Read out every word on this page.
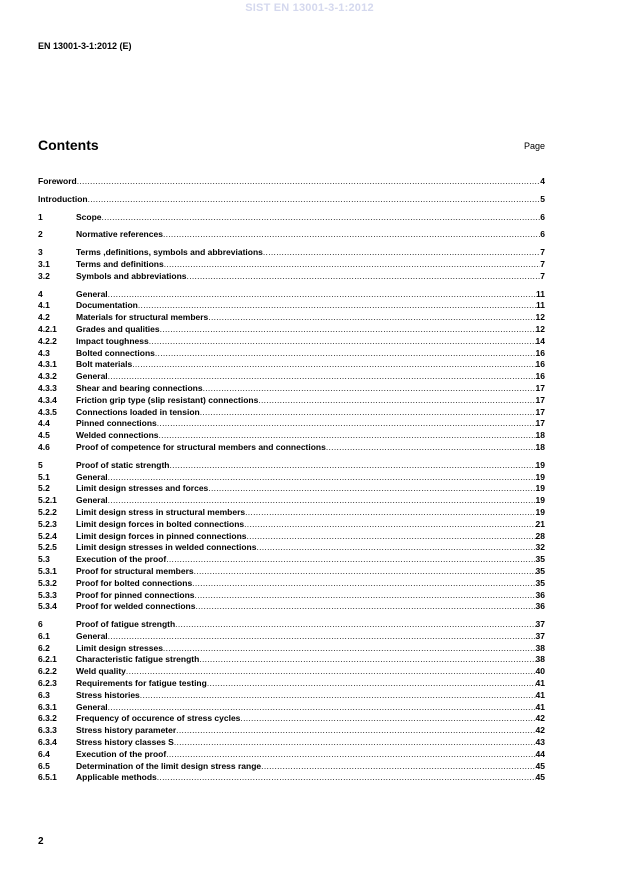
SIST EN 13001-3-1:2012
EN 13001-3-1:2012 (E)
Contents	Page
Foreword .....	4
Introduction .....	5
1	Scope .....	6
2	Normative references .....	6
3	Terms ,definitions, symbols and abbreviations .....	7
3.1	Terms and definitions .....	7
3.2	Symbols and abbreviations .....	7
4	General .....	11
4.1	Documentation .....	11
4.2	Materials for structural members .....	12
4.2.1	Grades and qualities .....	12
4.2.2	Impact toughness .....	14
4.3	Bolted connections .....	16
4.3.1	Bolt materials .....	16
4.3.2	General .....	16
4.3.3	Shear and bearing connections .....	17
4.3.4	Friction grip type (slip resistant) connections .....	17
4.3.5	Connections loaded in tension .....	17
4.4	Pinned connections .....	17
4.5	Welded connections .....	18
4.6	Proof of competence for structural members and connections .....	18
5	Proof of static strength .....	19
5.1	General .....	19
5.2	Limit design stresses and forces .....	19
5.2.1	General .....	19
5.2.2	Limit design stress in structural members .....	19
5.2.3	Limit design forces in bolted connections .....	21
5.2.4	Limit design forces in pinned connections .....	28
5.2.5	Limit design stresses in welded connections .....	32
5.3	Execution of the proof .....	35
5.3.1	Proof for structural members .....	35
5.3.2	Proof for bolted connections .....	35
5.3.3	Proof for pinned connections .....	36
5.3.4	Proof for welded connections .....	36
6	Proof of fatigue strength .....	37
6.1	General .....	37
6.2	Limit design stresses .....	38
6.2.1	Characteristic fatigue strength .....	38
6.2.2	Weld quality .....	40
6.2.3	Requirements for fatigue testing .....	41
6.3	Stress histories .....	41
6.3.1	General .....	41
6.3.2	Frequency of occurence of stress cycles .....	42
6.3.3	Stress history parameter .....	42
6.3.4	Stress history classes S .....	43
6.4	Execution of the proof .....	44
6.5	Determination of the limit design stress range .....	45
6.5.1	Applicable methods .....	45
2
